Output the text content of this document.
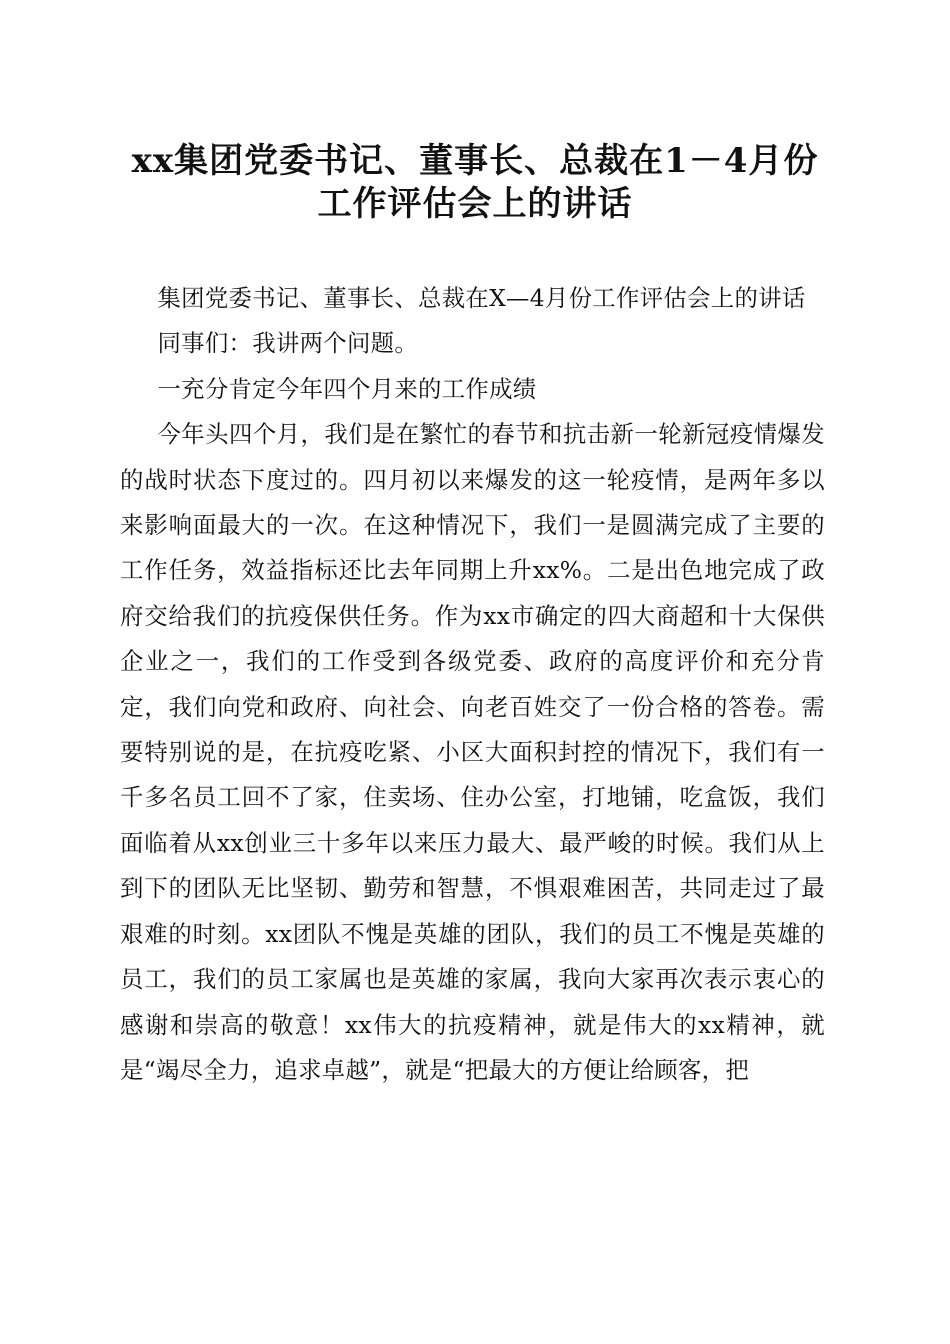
xx集团党委书记、董事长、总裁在1－4月份
工作评估会上的讲话

集团党委书记、董事长、总裁在X—4月份工作评估会上的讲话

同事们：我讲两个问题。

一充分肯定今年四个月来的工作成绩

今年头四个月，我们是在繁忙的春节和抗击新一轮新冠疫情爆发的战时状态下度过的。四月初以来爆发的这一轮疫情，是两年多以来影响面最大的一次。在这种情况下，我们一是圆满完成了主要的工作任务，效益指标还比去年同期上升xx%。二是出色地完成了政府交给我们的抗疫保供任务。作为xx市确定的四大商超和十大保供企业之一，我们的工作受到各级党委、政府的高度评价和充分肯定，我们向党和政府、向社会、向老百姓交了一份合格的答卷。需要特别说的是，在抗疫吃紧、小区大面积封控的情况下，我们有一千多名员工回不了家，住卖场、住办公室，打地铺，吃盒饭，我们面临着从xx创业三十多年以来压力最大、最严峻的时候。我们从上到下的团队无比坚韧、勤劳和智慧，不惧艰难困苦，共同走过了最艰难的时刻。xx团队不愧是英雄的团队，我们的员工不愧是英雄的员工，我们的员工家属也是英雄的家属，我向大家再次表示衷心的感谢和崇高的敬意！xx伟大的抗疫精神，就是伟大的xx精神，就是“竭尽全力，追求卓越”，就是“把最大的方便让给顾客，把
